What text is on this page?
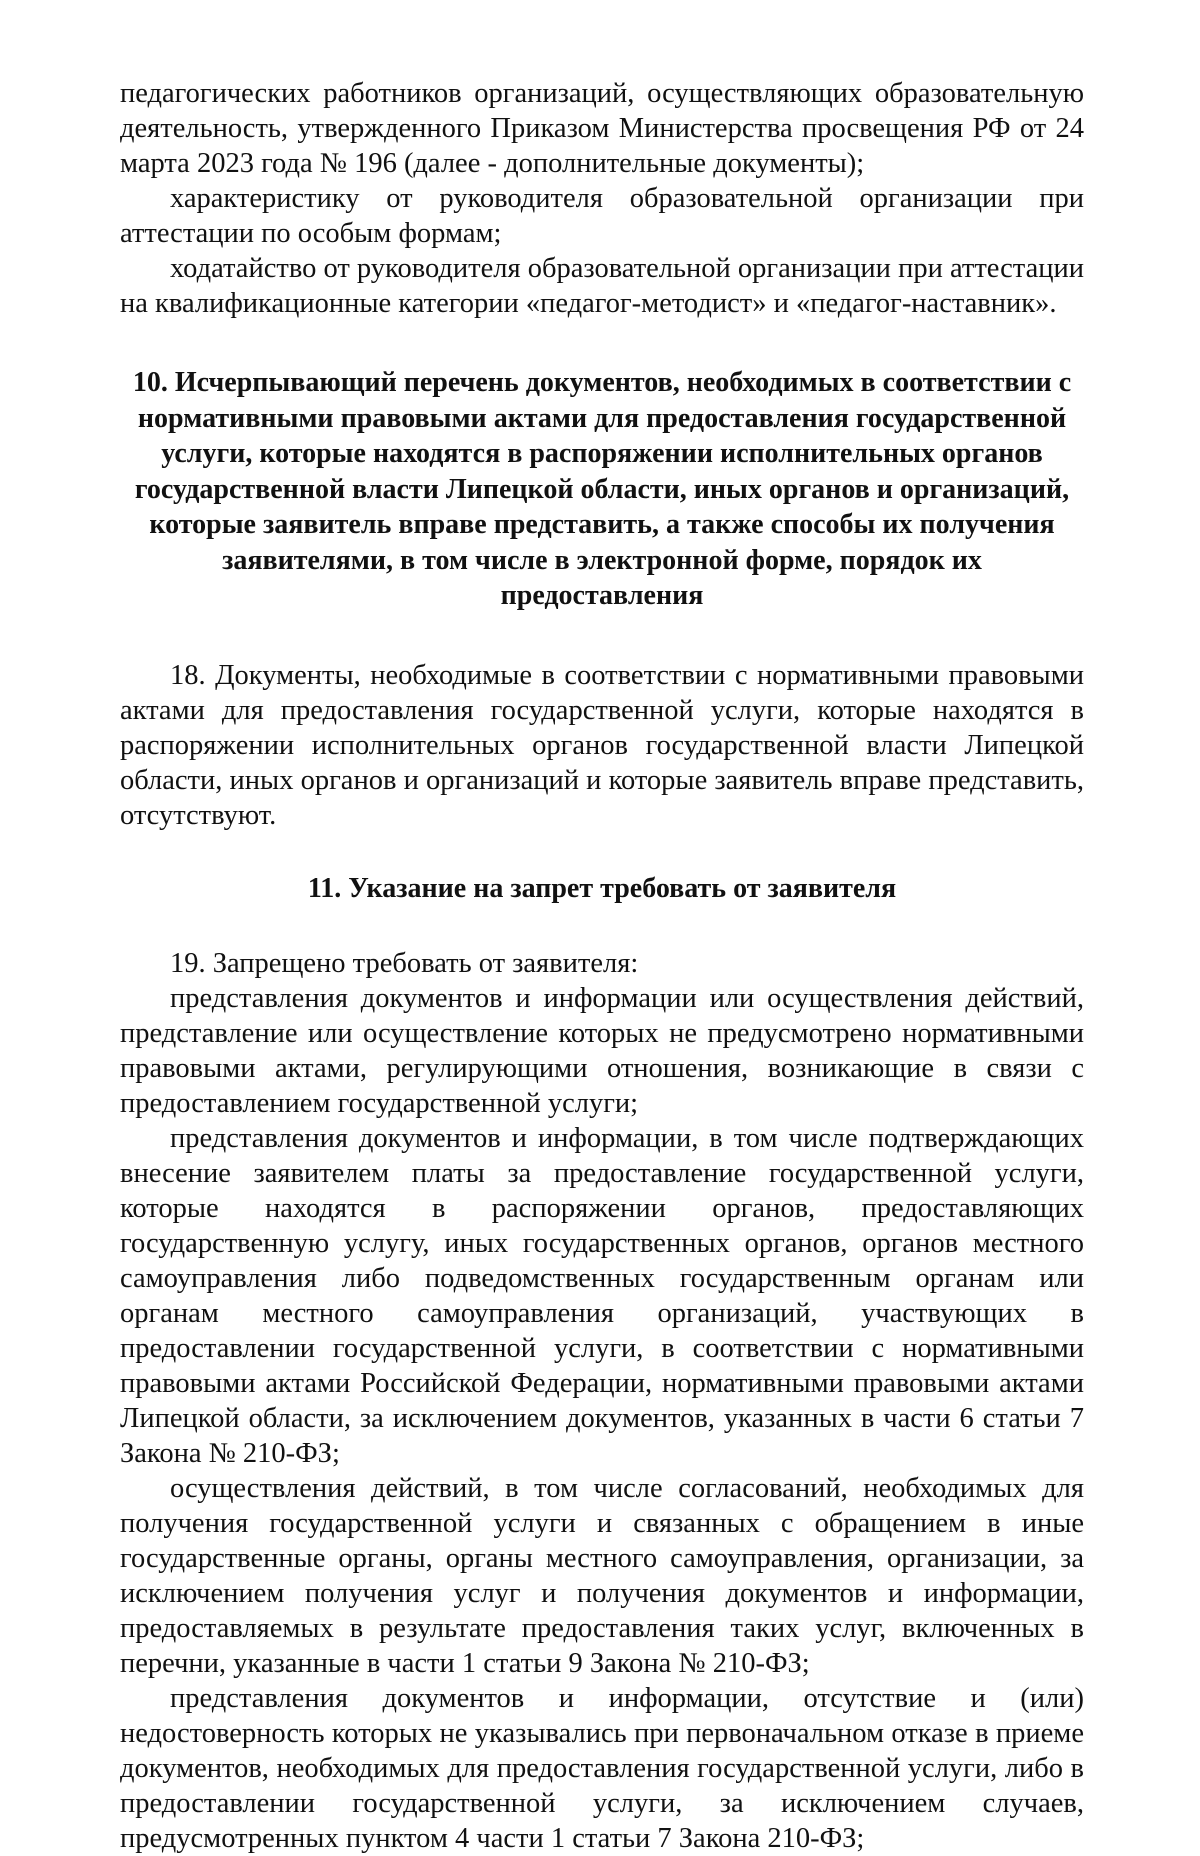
педагогических работников организаций, осуществляющих образовательную деятельность, утвержденного Приказом Министерства просвещения РФ от 24 марта 2023 года № 196 (далее - дополнительные документы);

характеристику от руководителя образовательной организации при аттестации по особым формам;

ходатайство от руководителя образовательной организации при аттестации на квалификационные категории «педагог-методист» и «педагог-наставник».

10. Исчерпывающий перечень документов, необходимых в соответствии с нормативными правовыми актами для предоставления государственной услуги, которые находятся в распоряжении исполнительных органов государственной власти Липецкой области, иных органов и организаций, которые заявитель вправе представить, а также способы их получения заявителями, в том числе в электронной форме, порядок их предоставления

18. Документы, необходимые в соответствии с нормативными правовыми актами для предоставления государственной услуги, которые находятся в распоряжении исполнительных органов государственной власти Липецкой области, иных органов и организаций и которые заявитель вправе представить, отсутствуют.

11. Указание на запрет требовать от заявителя

19. Запрещено требовать от заявителя:

представления документов и информации или осуществления действий, представление или осуществление которых не предусмотрено нормативными правовыми актами, регулирующими отношения, возникающие в связи с предоставлением государственной услуги;

представления документов и информации, в том числе подтверждающих внесение заявителем платы за предоставление государственной услуги, которые находятся в распоряжении органов, предоставляющих государственную услугу, иных государственных органов, органов местного самоуправления либо подведомственных государственным органам или органам местного самоуправления организаций, участвующих в предоставлении государственной услуги, в соответствии с нормативными правовыми актами Российской Федерации, нормативными правовыми актами Липецкой области, за исключением документов, указанных в части 6 статьи 7 Закона № 210-ФЗ;

осуществления действий, в том числе согласований, необходимых для получения государственной услуги и связанных с обращением в иные государственные органы, органы местного самоуправления, организации, за исключением получения услуг и получения документов и информации, предоставляемых в результате предоставления таких услуг, включенных в перечни, указанные в части 1 статьи 9 Закона № 210-ФЗ;

представления документов и информации, отсутствие и (или) недостоверность которых не указывались при первоначальном отказе в приеме документов, необходимых для предоставления государственной услуги, либо в предоставлении государственной услуги, за исключением случаев, предусмотренных пунктом 4 части 1 статьи 7 Закона 210-ФЗ;
